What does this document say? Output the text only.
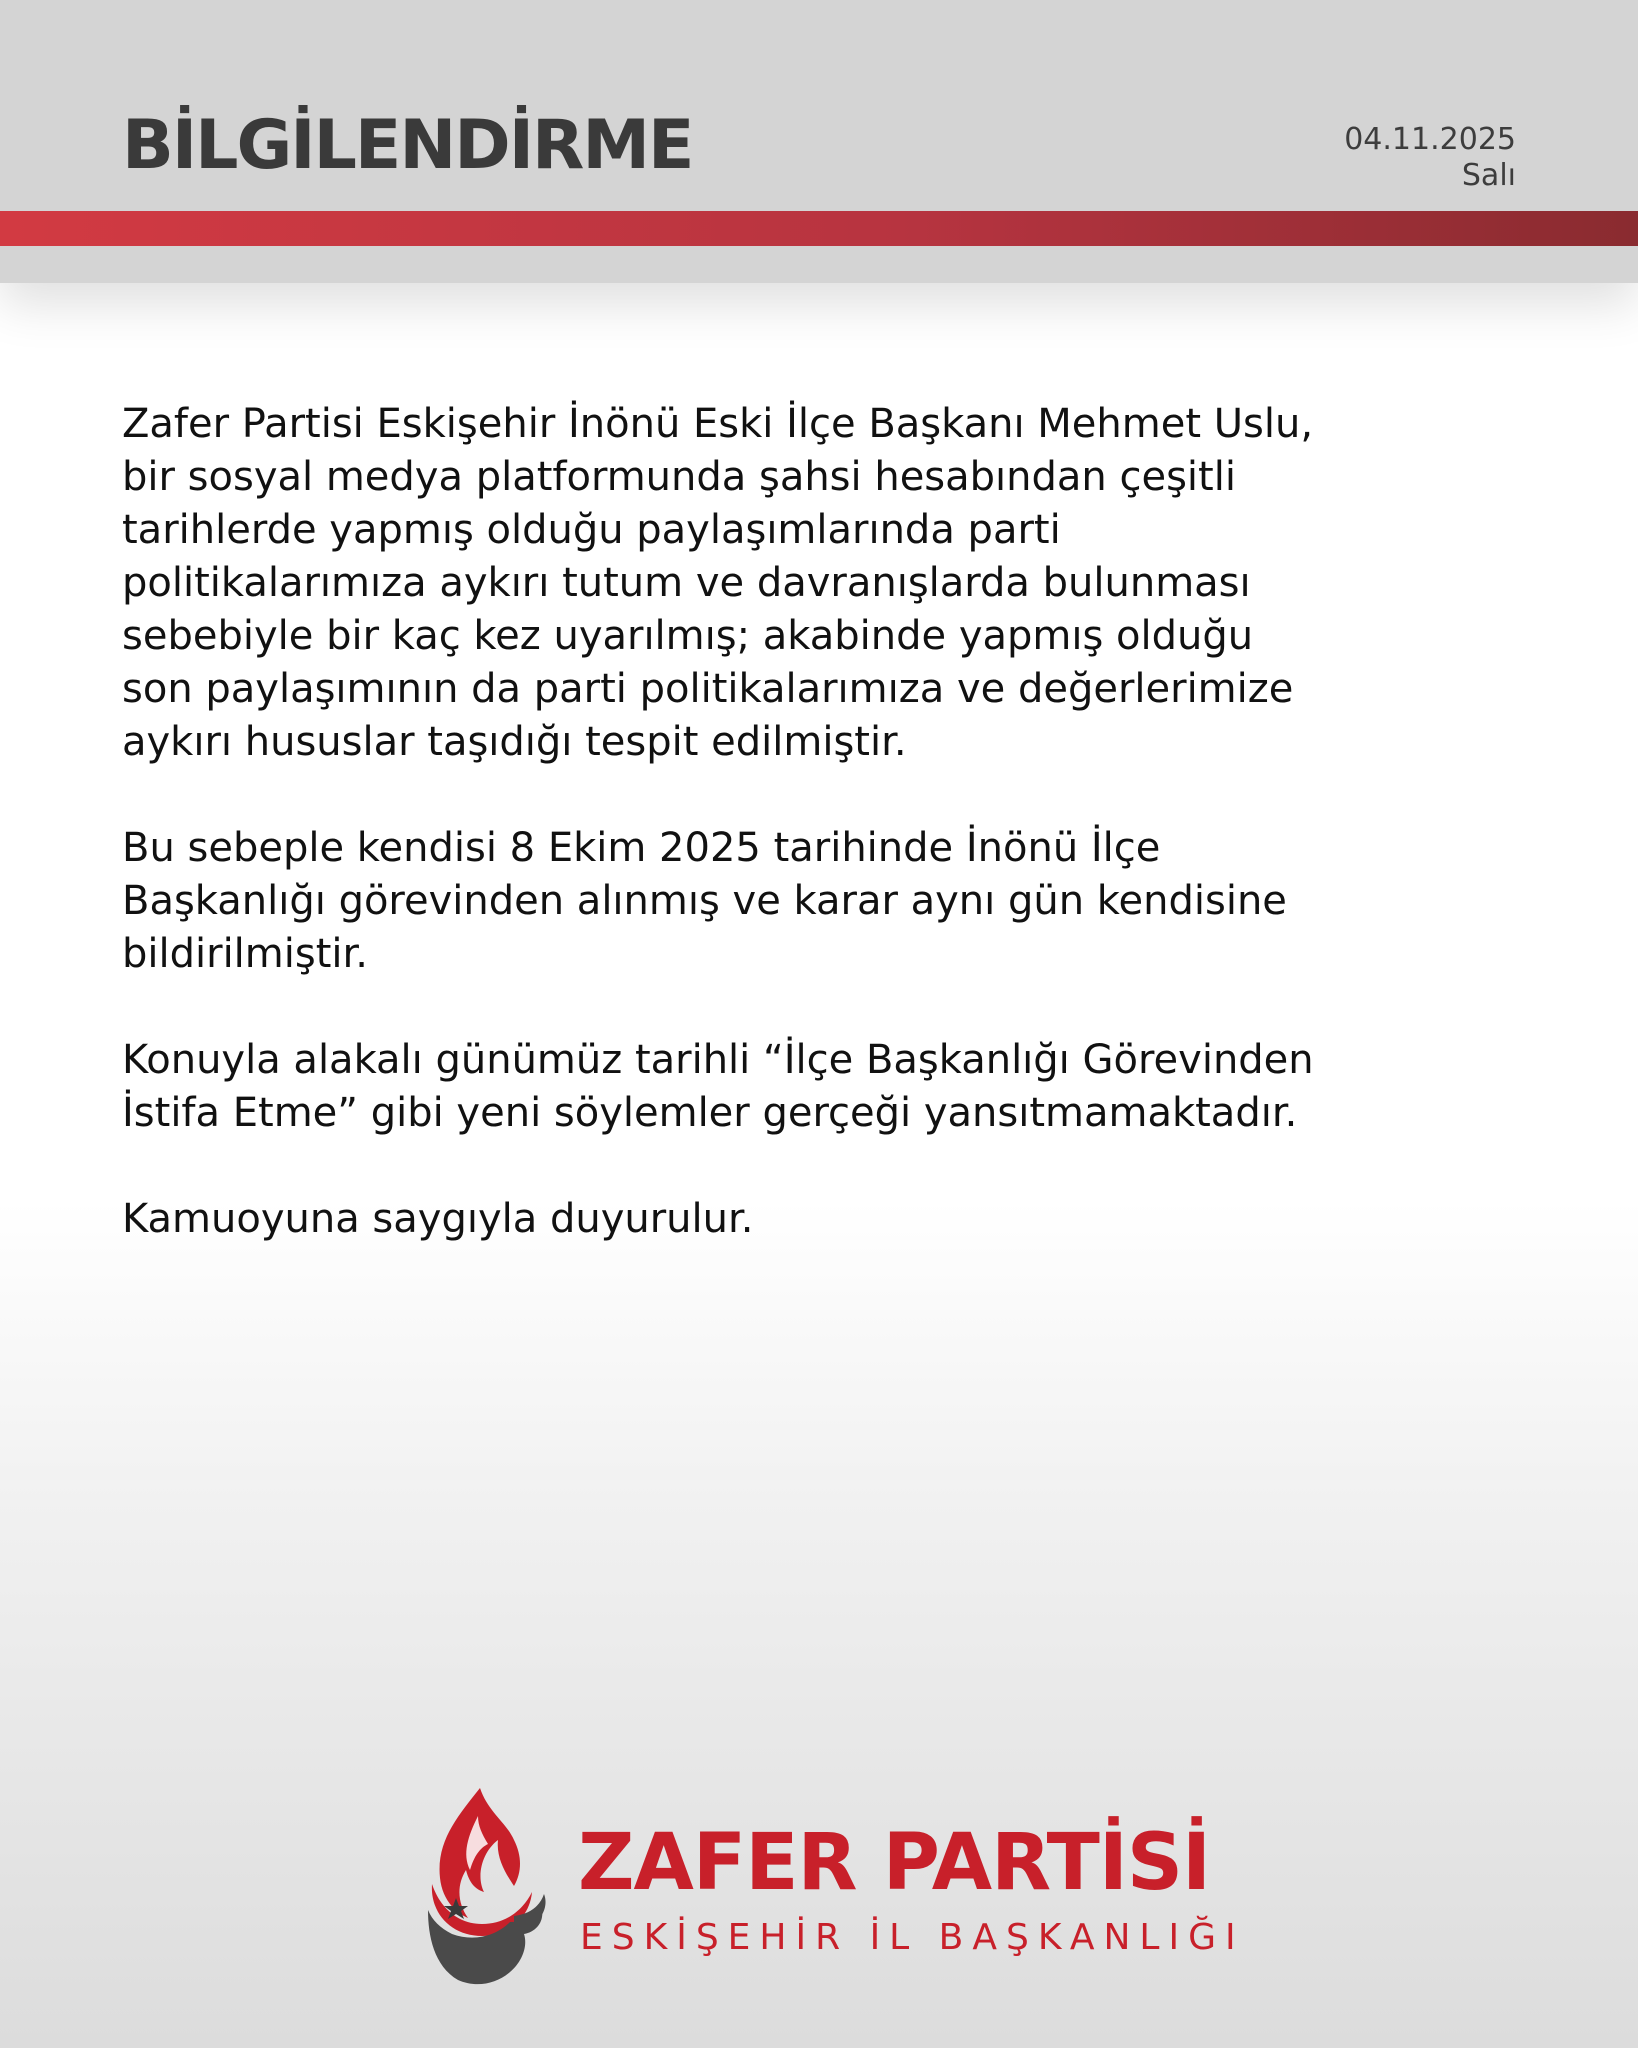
BİLGİLENDİRME	04.11.2025
Salı

Zafer Partisi Eskişehir İnönü Eski İlçe Başkanı Mehmet Uslu,
bir sosyal medya platformunda şahsi hesabından çeşitli
tarihlerde yapmış olduğu paylaşımlarında parti
politikalarımıza aykırı tutum ve davranışlarda bulunması
sebebiyle bir kaç kez uyarılmış; akabinde yapmış olduğu
son paylaşımının da parti politikalarımıza ve değerlerimize
aykırı hususlar taşıdığı tespit edilmiştir.

Bu sebeple kendisi 8 Ekim 2025 tarihinde İnönü İlçe
Başkanlığı görevinden alınmış ve karar aynı gün kendisine
bildirilmiştir.

Konuyla alakalı günümüz tarihli “İlçe Başkanlığı Görevinden
İstifa Etme” gibi yeni söylemler gerçeği yansıtmamaktadır.

Kamuoyuna saygıyla duyurulur.

ZAFER PARTİSİ
ESKİŞEHİR İL BAŞKANLIĞI
